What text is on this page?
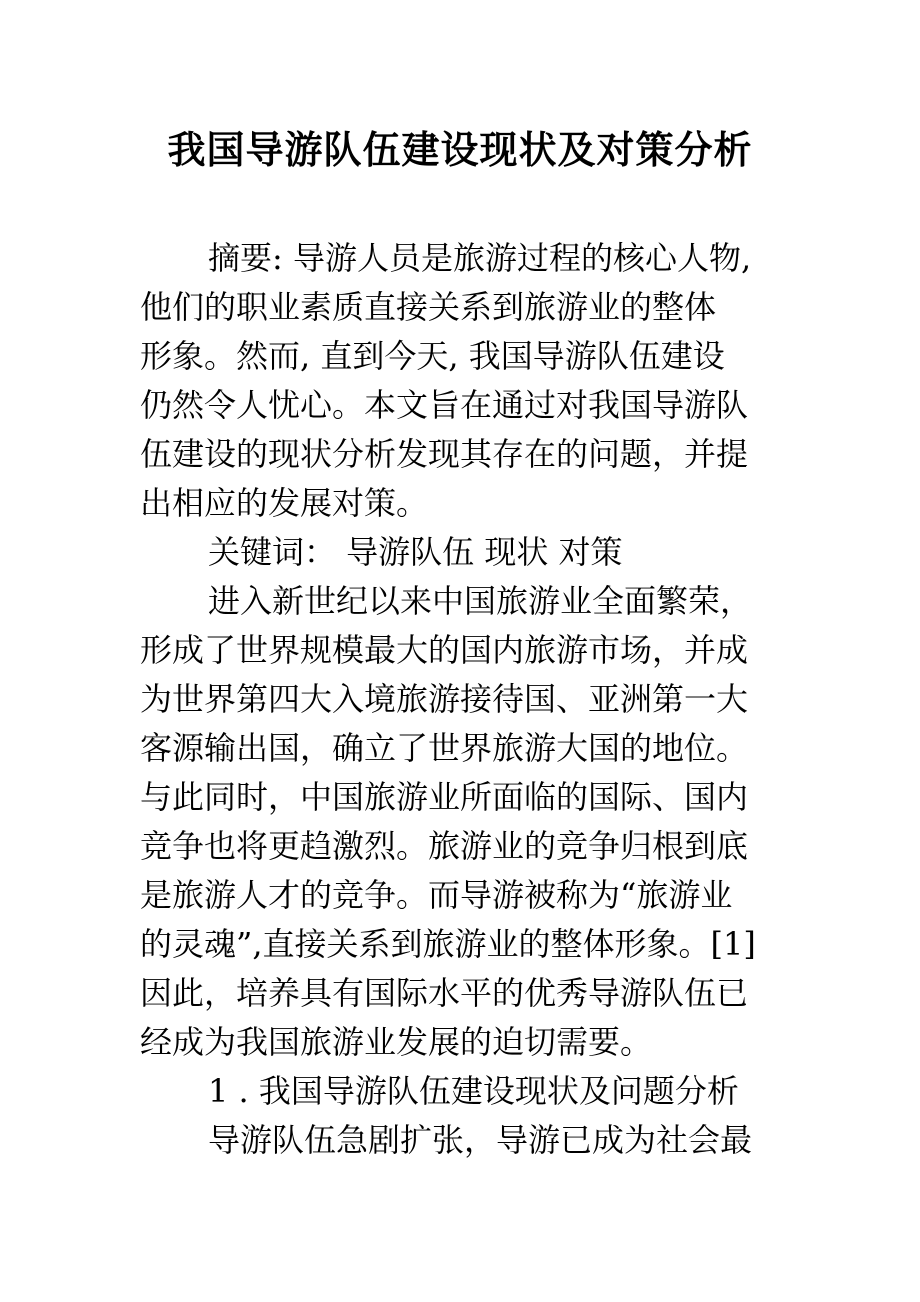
我国导游队伍建设现状及对策分析
摘要: 导游人员是旅游过程的核心人物,
他们的职业素质直接关系到旅游业的整体
形象。然而, 直到今天, 我国导游队伍建设
仍然令人忧心。本文旨在通过对我国导游队
伍建设的现状分析发现其存在的问题，并提
出相应的发展对策。
关键词： 导游队伍 现状 对策
进入新世纪以来中国旅游业全面繁荣，
形成了世界规模最大的国内旅游市场，并成
为世界第四大入境旅游接待国、亚洲第一大
客源输出国，确立了世界旅游大国的地位。
与此同时，中国旅游业所面临的国际、国内
竞争也将更趋激烈。旅游业的竞争归根到底
是旅游人才的竞争。而导游被称为“旅游业
的灵魂”,直接关系到旅游业的整体形象。[1]
因此，培养具有国际水平的优秀导游队伍已
经成为我国旅游业发展的迫切需要。
1 . 我国导游队伍建设现状及问题分析
导游队伍急剧扩张，导游已成为社会最
